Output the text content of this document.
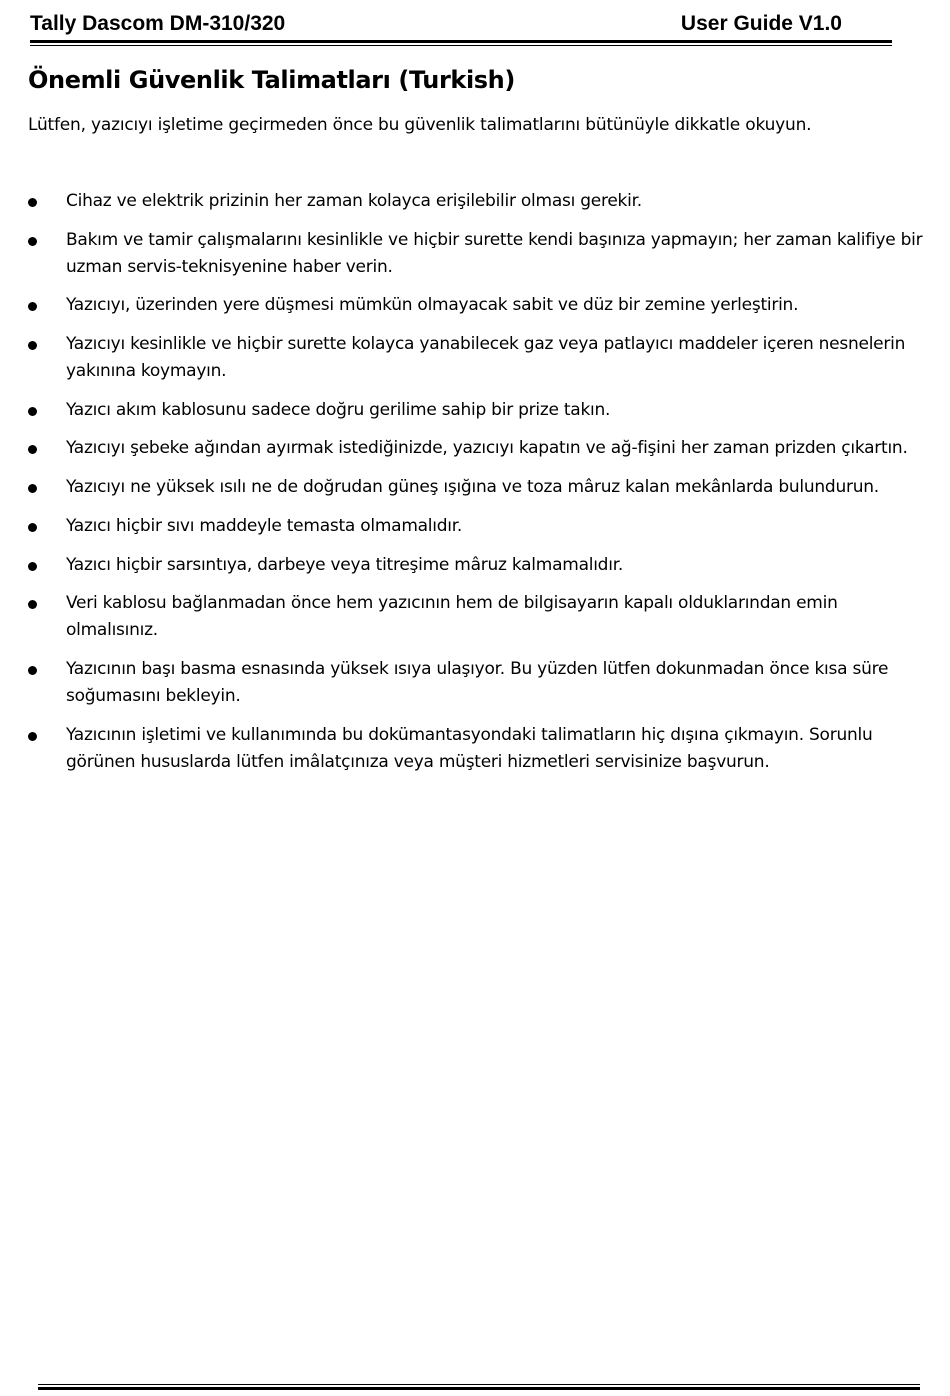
Tally Dascom DM-310/320	User Guide V1.0
Önemli Güvenlik Talimatları (Turkish)

Lütfen, yazıcıyı işletime geçirmeden önce bu güvenlik talimatlarını bütünüyle dikkatle okuyun.

Cihaz ve elektrik prizinin her zaman kolayca erişilebilir olması gerekir.
Bakım ve tamir çalışmalarını kesinlikle ve hiçbir surette kendi başınıza yapmayın; her zaman kalifiye bir uzman servis-teknisyenine haber verin.
Yazıcıyı, üzerinden yere düşmesi mümkün olmayacak sabit ve düz bir zemine yerleştirin.
Yazıcıyı kesinlikle ve hiçbir surette kolayca yanabilecek gaz veya patlayıcı maddeler içeren nesnelerin yakınına koymayın.
Yazıcı akım kablosunu sadece doğru gerilime sahip bir prize takın.
Yazıcıyı şebeke ağından ayırmak istediğinizde, yazıcıyı kapatın ve ağ-fişini her zaman prizden çıkartın.
Yazıcıyı ne yüksek ısılı ne de doğrudan güneş ışığına ve toza mâruz kalan mekânlarda bulundurun.
Yazıcı hiçbir sıvı maddeyle temasta olmamalıdır.
Yazıcı hiçbir sarsıntıya, darbeye veya titreşime mâruz kalmamalıdır.
Veri kablosu bağlanmadan önce hem yazıcının hem de bilgisayarın kapalı olduklarından emin olmalısınız.
Yazıcının başı basma esnasında yüksek ısıya ulaşıyor. Bu yüzden lütfen dokunmadan önce kısa süre soğumasını bekleyin.
Yazıcının işletimi ve kullanımında bu dokümantasyondaki talimatların hiç dışına çıkmayın. Sorunlu görünen hususlarda lütfen imâlatçınıza veya müşteri hizmetleri servisinize başvurun.
